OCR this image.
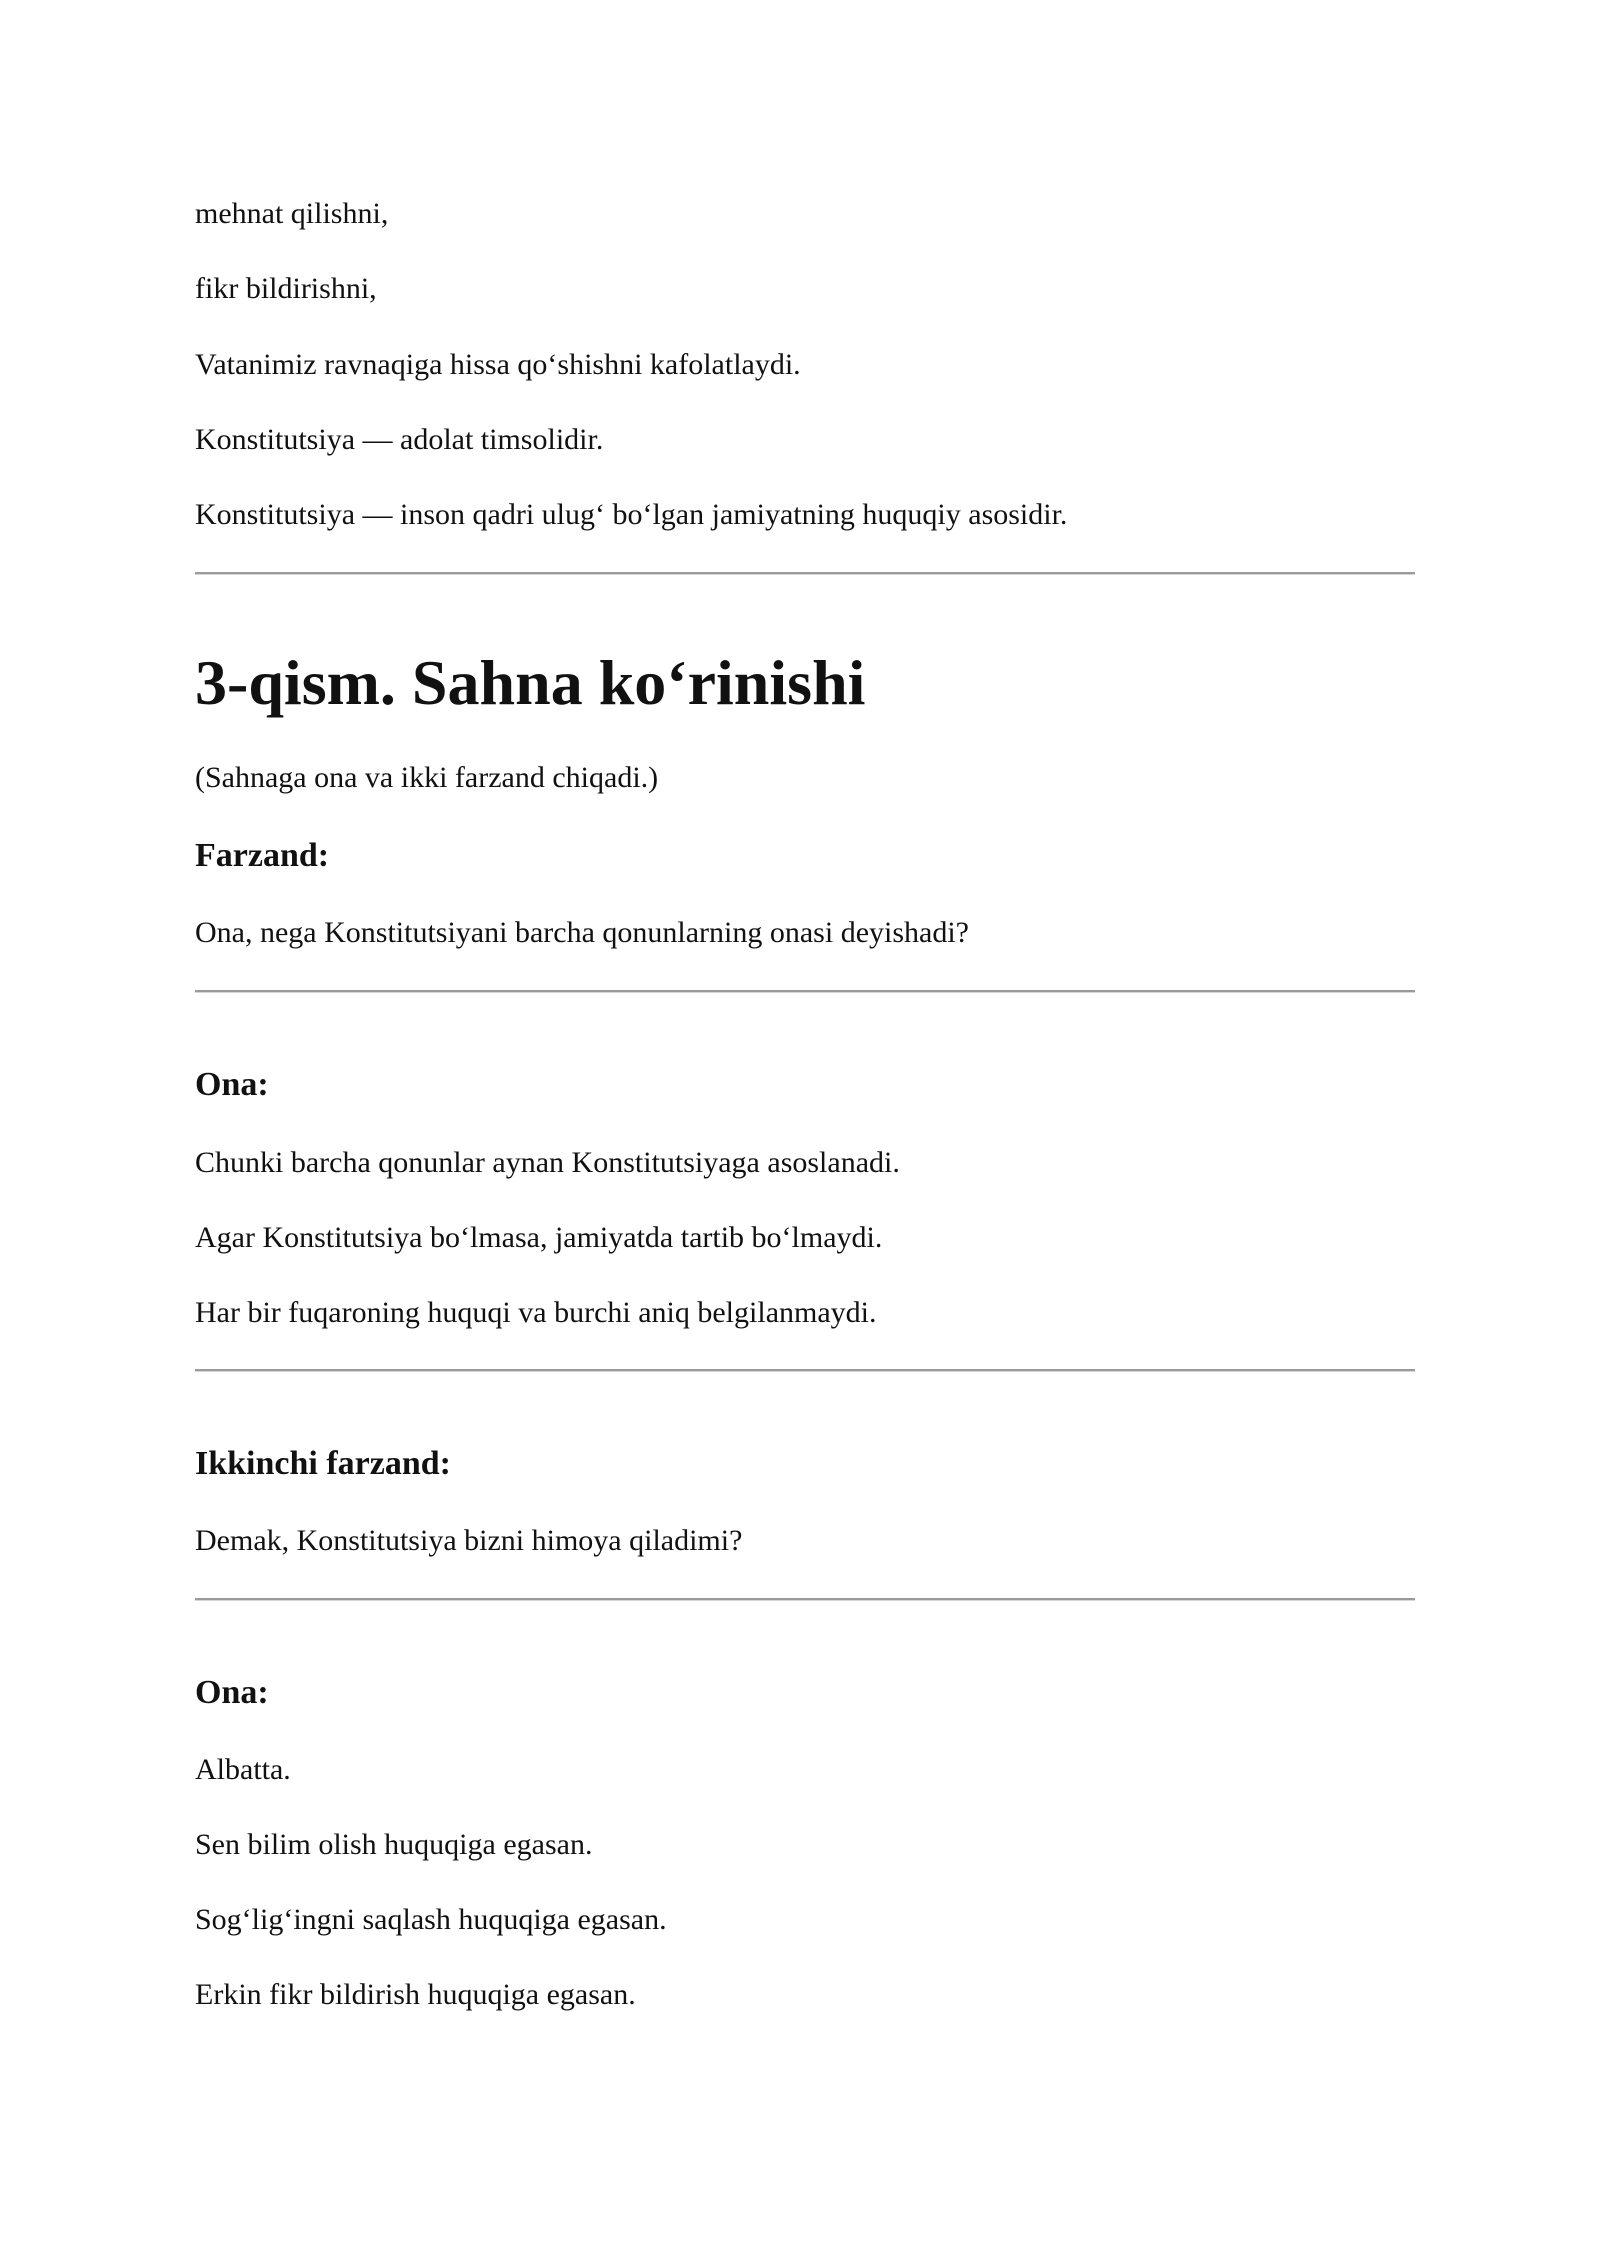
mehnat qilishni,
fikr bildirishni,
Vatanimiz ravnaqiga hissa qo‘shishni kafolatlaydi.
Konstitutsiya — adolat timsolidir.
Konstitutsiya — inson qadri ulug‘ bo‘lgan jamiyatning huquqiy asosidir.
3-qism. Sahna ko‘rinishi
(Sahnaga ona va ikki farzand chiqadi.)
Farzand:
Ona, nega Konstitutsiyani barcha qonunlarning onasi deyishadi?
Ona:
Chunki barcha qonunlar aynan Konstitutsiyaga asoslanadi.
Agar Konstitutsiya bo‘lmasa, jamiyatda tartib bo‘lmaydi.
Har bir fuqaroning huquqi va burchi aniq belgilanmaydi.
Ikkinchi farzand:
Demak, Konstitutsiya bizni himoya qiladimi?
Ona:
Albatta.
Sen bilim olish huquqiga egasan.
Sog‘lig‘ingni saqlash huquqiga egasan.
Erkin fikr bildirish huquqiga egasan.
